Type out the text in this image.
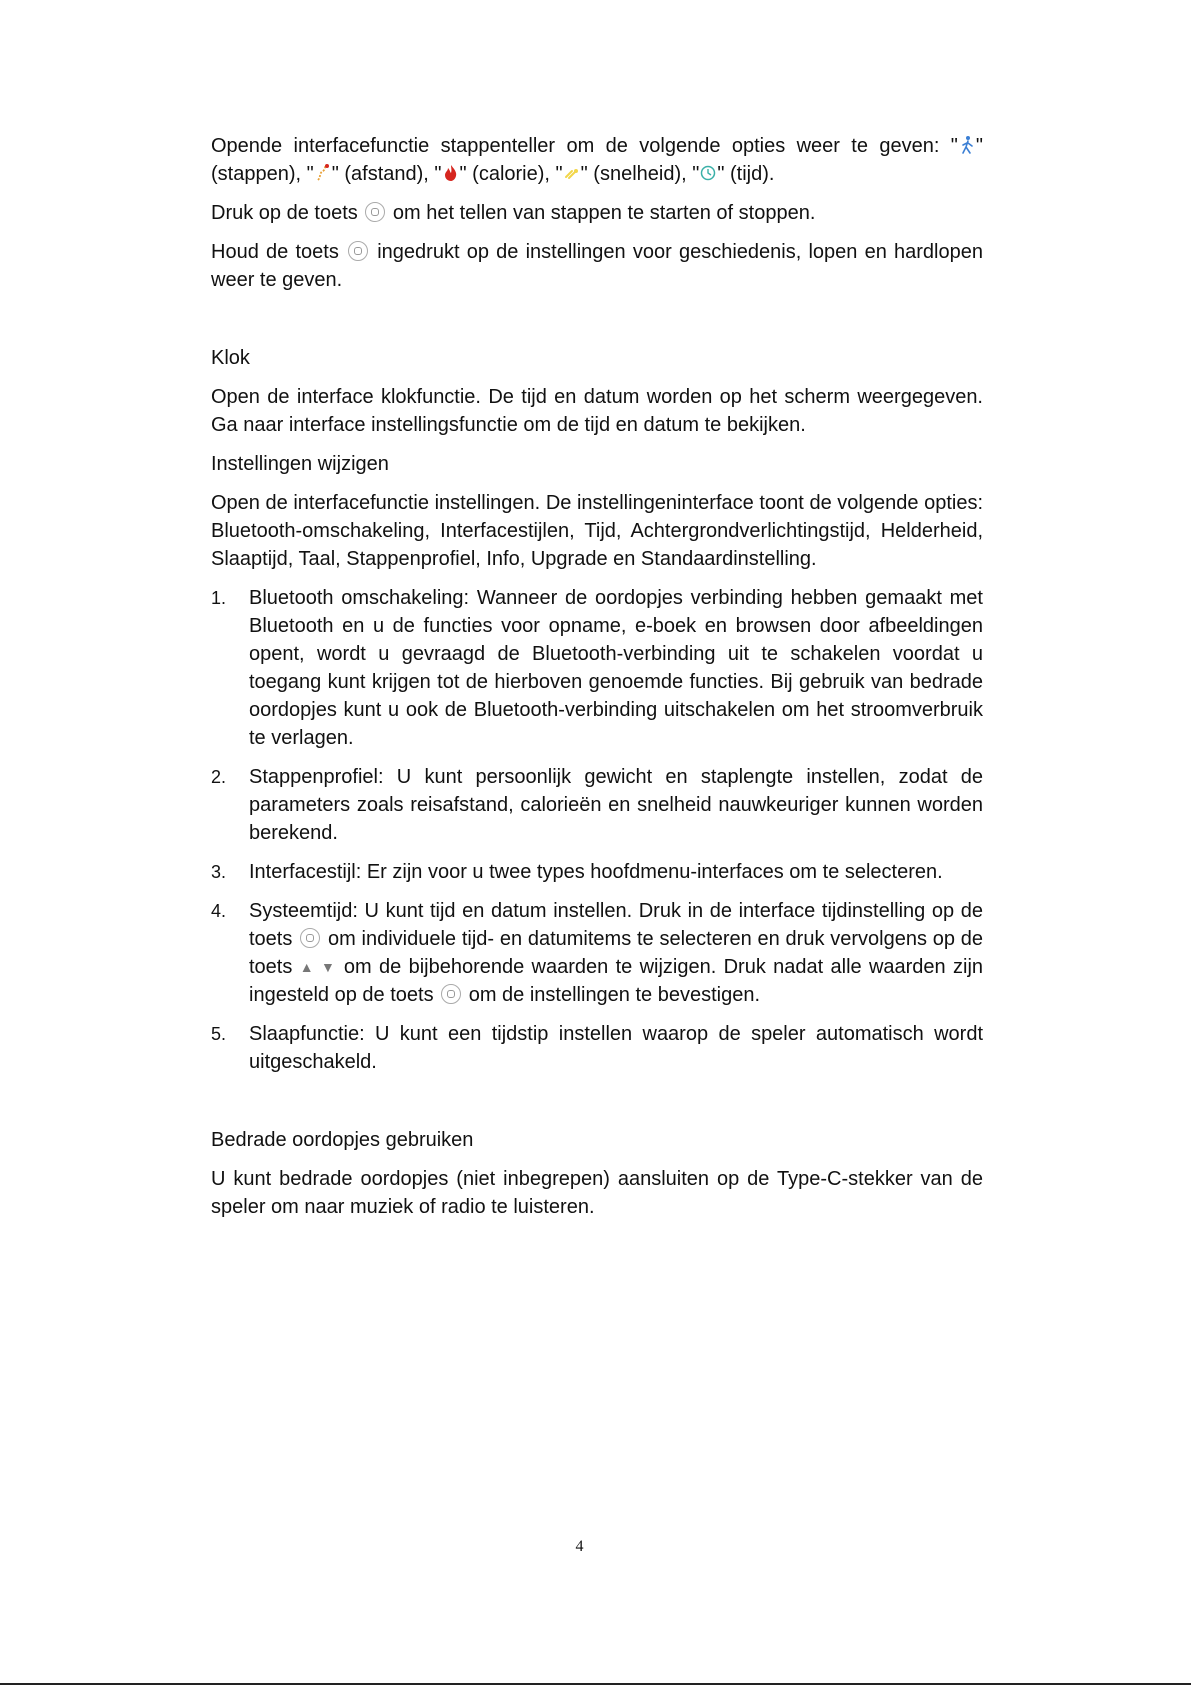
Opende interfacefunctie stappenteller om de volgende opties weer te geven: " " (stappen), " " (afstand), " " (calorie), " " (snelheid), " " (tijd).

Druk op de toets om het tellen van stappen te starten of stoppen.

Houd de toets ingedrukt op de instellingen voor geschiedenis, lopen en hardlopen weer te geven.

Klok

Open de interface klokfunctie. De tijd en datum worden op het scherm weergegeven. Ga naar interface instellingsfunctie om de tijd en datum te bekijken.

Instellingen wijzigen

Open de interfacefunctie instellingen. De instellingeninterface toont de volgende opties: Bluetooth-omschakeling, Interfacestijlen, Tijd, Achtergrondverlichtingstijd, Helderheid, Slaaptijd, Taal, Stappenprofiel, Info, Upgrade en Standaardinstelling.

1. Bluetooth omschakeling: Wanneer de oordopjes verbinding hebben gemaakt met Bluetooth en u de functies voor opname, e-boek en browsen door afbeeldingen opent, wordt u gevraagd de Bluetooth-verbinding uit te schakelen voordat u toegang kunt krijgen tot de hierboven genoemde functies. Bij gebruik van bedrade oordopjes kunt u ook de Bluetooth-verbinding uitschakelen om het stroomverbruik te verlagen.
2. Stappenprofiel: U kunt persoonlijk gewicht en staplengte instellen, zodat de parameters zoals reisafstand, calorieën en snelheid nauwkeuriger kunnen worden berekend.
3. Interfacestijl: Er zijn voor u twee types hoofdmenu-interfaces om te selecteren.
4. Systeemtijd: U kunt tijd en datum instellen. Druk in de interface tijdinstelling op de toets om individuele tijd- en datumitems te selecteren en druk vervolgens op de toets ▲ ▼ om de bijbehorende waarden te wijzigen. Druk nadat alle waarden zijn ingesteld op de toets om de instellingen te bevestigen.
5. Slaapfunctie: U kunt een tijdstip instellen waarop de speler automatisch wordt uitgeschakeld.

Bedrade oordopjes gebruiken

U kunt bedrade oordopjes (niet inbegrepen) aansluiten op de Type-C-stekker van de speler om naar muziek of radio te luisteren.

4
